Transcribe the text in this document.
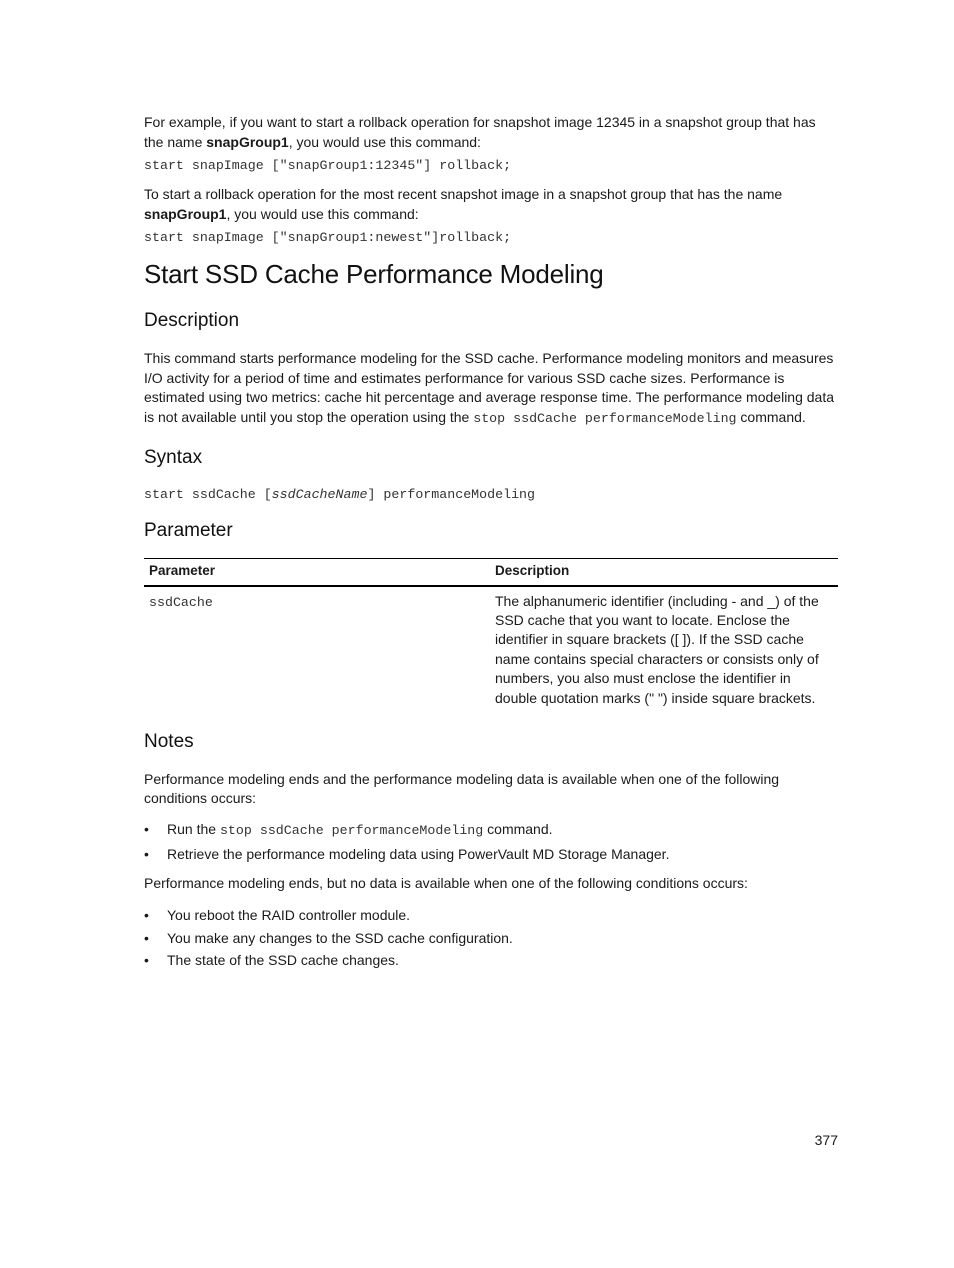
For example, if you want to start a rollback operation for snapshot image 12345 in a snapshot group that has the name snapGroup1, you would use this command:

start snapImage ["snapGroup1:12345"] rollback;

To start a rollback operation for the most recent snapshot image in a snapshot group that has the name snapGroup1, you would use this command:

start snapImage ["snapGroup1:newest"]rollback;
Start SSD Cache Performance Modeling
Description

This command starts performance modeling for the SSD cache. Performance modeling monitors and measures I/O activity for a period of time and estimates performance for various SSD cache sizes. Performance is estimated using two metrics: cache hit percentage and average response time. The performance modeling data is not available until you stop the operation using the stop ssdCache performanceModeling command.

Syntax
start ssdCache [ssdCacheName] performanceModeling
Parameter
Parameter	Description
ssdCache	The alphanumeric identifier (including - and _) of the SSD cache that you want to locate. Enclose the identifier in square brackets ([ ]). If the SSD cache name contains special characters or consists only of numbers, you also must enclose the identifier in double quotation marks (" ") inside square brackets.
Notes

Performance modeling ends and the performance modeling data is available when one of the following conditions occurs:

• Run the stop ssdCache performanceModeling command.
• Retrieve the performance modeling data using PowerVault MD Storage Manager.

Performance modeling ends, but no data is available when one of the following conditions occurs:

• You reboot the RAID controller module.
• You make any changes to the SSD cache configuration.
• The state of the SSD cache changes.
377
